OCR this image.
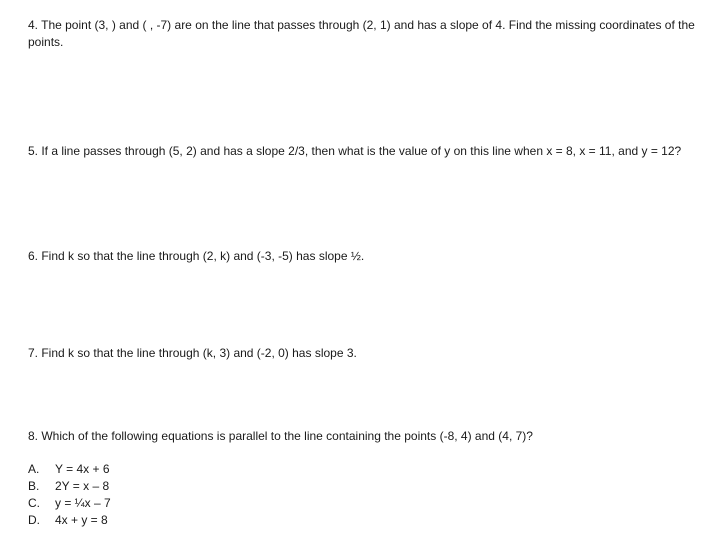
4. The point (3, ) and ( , -7) are on the line that passes through (2, 1) and has a slope of 4. Find the missing coordinates of the points.

5. If a line passes through (5, 2) and has a slope 2/3, then what is the value of y on this line when x = 8, x = 11, and y = 12?

6. Find k so that the line through (2, k) and (-3, -5) has slope ½.

7. Find k so that the line through (k, 3) and (-2, 0) has slope 3.

8. Which of the following equations is parallel to the line containing the points (-8, 4) and (4, 7)?

A.	Y = 4x + 6
B.	2Y = x – 8
C.	y = ¼x – 7
D.	4x + y = 8
